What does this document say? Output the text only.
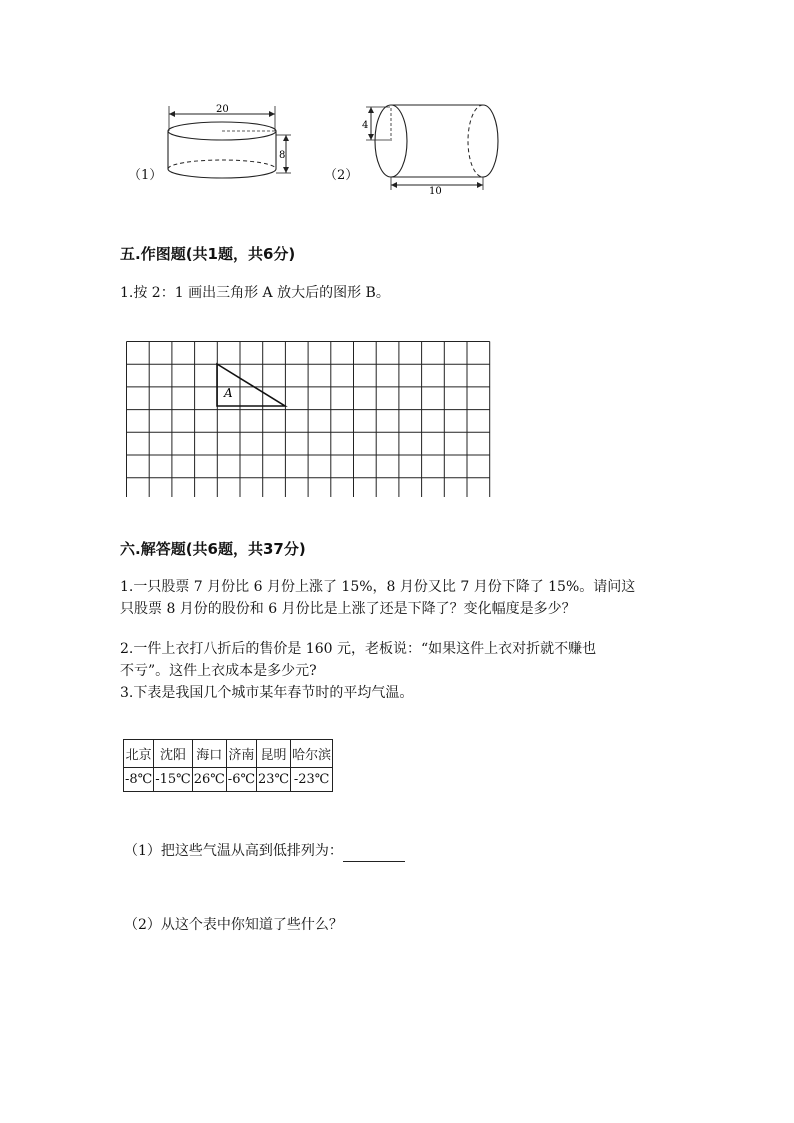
（1）
20
8
（2）
4
10
五.作图题(共1题，共6分)
1.按 2：1 画出三角形 A 放大后的图形 B。
A
六.解答题(共6题，共37分)
1.一只股票 7 月份比 6 月份上涨了 15%，8 月份又比 7 月份下降了 15%。请问这
只股票 8 月份的股份和 6 月份比是上涨了还是下降了？变化幅度是多少？
2.一件上衣打八折后的售价是 160 元，老板说：“如果这件上衣对折就不赚也
不亏”。这件上衣成本是多少元?
3.下表是我国几个城市某年春节时的平均气温。
北京	沈阳	海口	济南	昆明	哈尔滨
-8℃	-15℃	26℃	-6℃	23℃	-23℃
（1）把这些气温从高到低排列为：
（2）从这个表中你知道了些什么？
